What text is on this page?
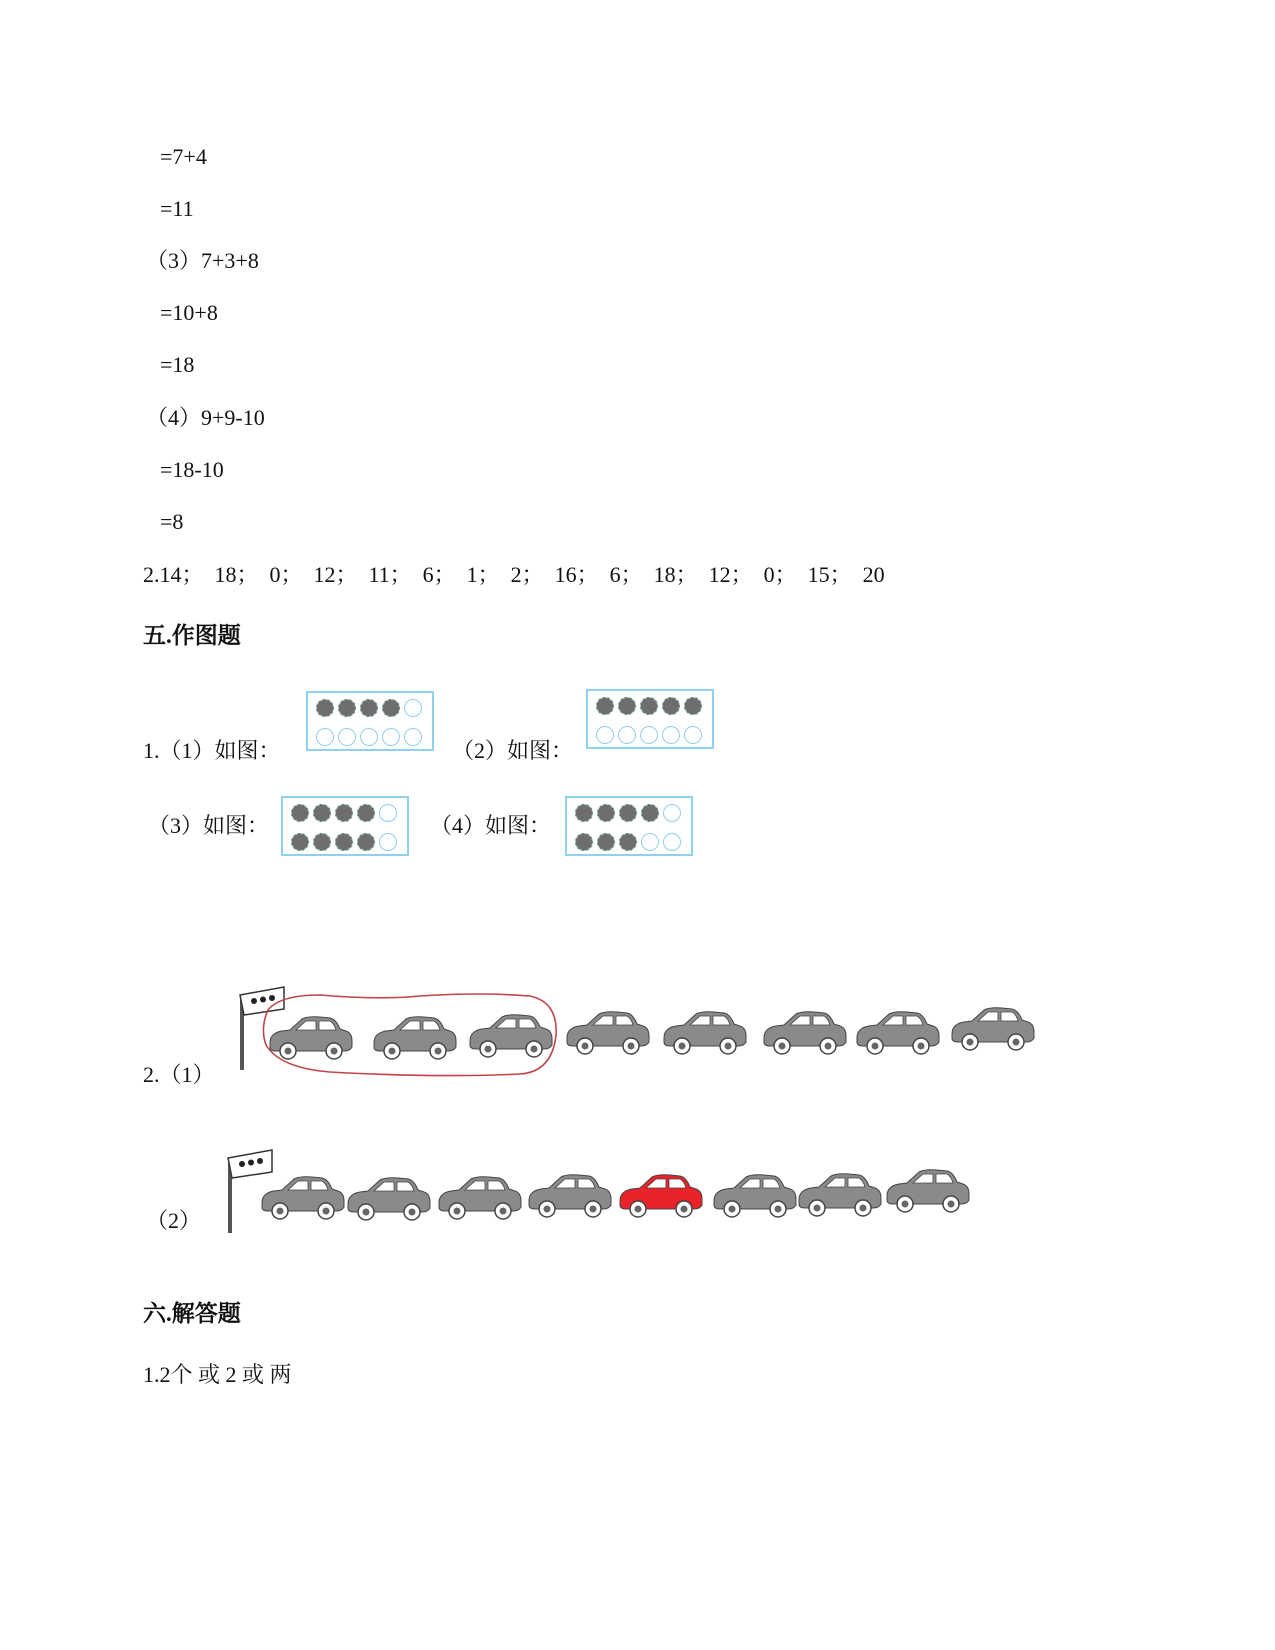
=7+4
=11
（3）7+3+8
=10+8
=18
（4）9+9-10
=18-10
=8
2.14；  18；  0；  12；  11；  6；  1；  2；  16；  6；  18；  12；  0；  15；  20
五.作图题
1.（1）如图：	（2）如图：
（3）如图：	（4）如图：
2.（1）
（2）
六.解答题
1.2个 或 2 或 两
